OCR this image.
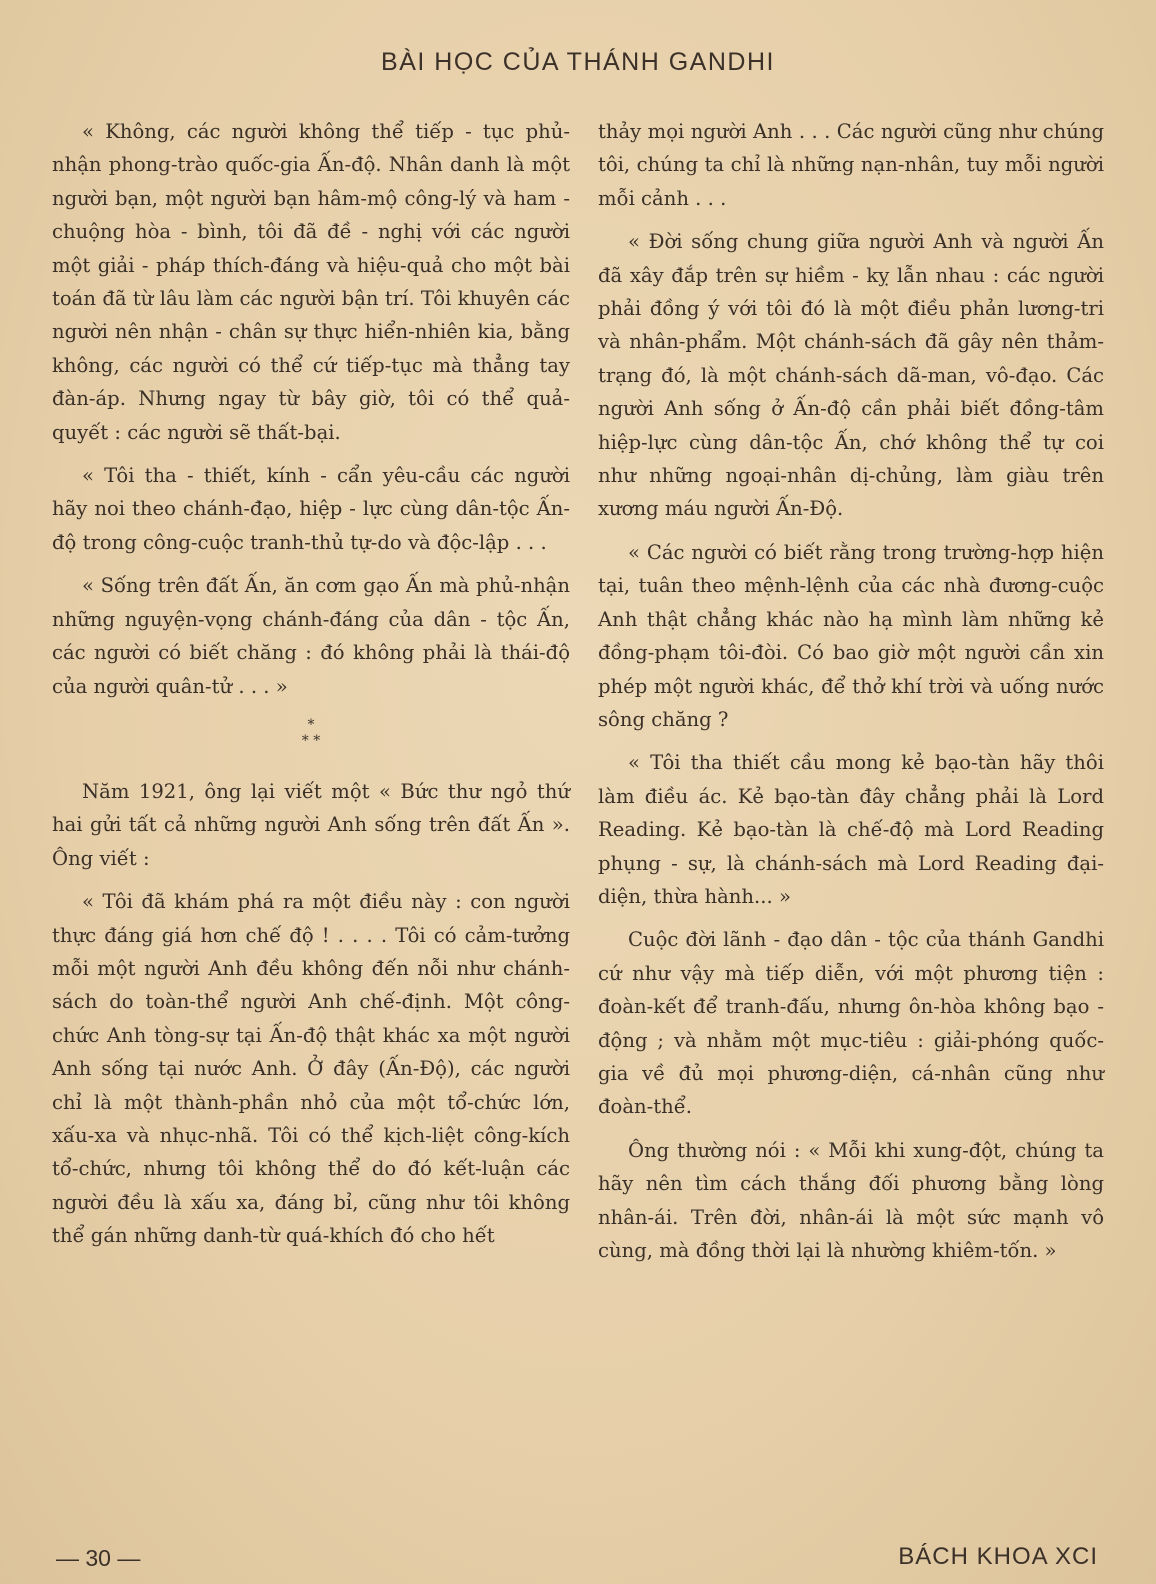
BÀI HỌC CỦA THÁNH GANDHI

« Không, các người không thể tiếp - tục phủ-nhận phong-trào quốc-gia Ấn-độ. Nhân danh là một người bạn, một người bạn hâm-mộ công-lý và ham - chuộng hòa - bình, tôi đã đề - nghị với các người một giải - pháp thích-đáng và hiệu-quả cho một bài toán đã từ lâu làm các người bận trí. Tôi khuyên các người nên nhận - chân sự thực hiển-nhiên kia, bằng không, các người có thể cứ tiếp-tục mà thẳng tay đàn-áp. Nhưng ngay từ bây giờ, tôi có thể quả-quyết : các người sẽ thất-bại.

« Tôi tha - thiết, kính - cẩn yêu-cầu các người hãy noi theo chánh-đạo, hiệp - lực cùng dân-tộc Ấn-độ trong công-cuộc tranh-thủ tự-do và độc-lập . . .

« Sống trên đất Ấn, ăn cơm gạo Ấn mà phủ-nhận những nguyện-vọng chánh-đáng của dân - tộc Ấn, các người có biết chăng : đó không phải là thái-độ của người quân-tử . . . »

*
* *

Năm 1921, ông lại viết một « Bức thư ngỏ thứ hai gửi tất cả những người Anh sống trên đất Ấn ». Ông viết :

« Tôi đã khám phá ra một điều này : con người thực đáng giá hơn chế độ ! . . . . Tôi có cảm-tưởng mỗi một người Anh đều không đến nỗi như chánh-sách do toàn-thể người Anh chế-định. Một công-chức Anh tòng-sự tại Ấn-độ thật khác xa một người Anh sống tại nước Anh. Ở đây (Ấn-Độ), các người chỉ là một thành-phần nhỏ của một tổ-chức lớn, xấu-xa và nhục-nhã. Tôi có thể kịch-liệt công-kích tổ-chức, nhưng tôi không thể do đó kết-luận các người đều là xấu xa, đáng bỉ, cũng như tôi không thể gán những danh-từ quá-khích đó cho hết

thảy mọi người Anh . . . Các người cũng như chúng tôi, chúng ta chỉ là những nạn-nhân, tuy mỗi người mỗi cảnh . . .

« Đời sống chung giữa người Anh và người Ấn đã xây đắp trên sự hiềm - kỵ lẫn nhau : các người phải đồng ý với tôi đó là một điều phản lương-tri và nhân-phẩm. Một chánh-sách đã gây nên thảm-trạng đó, là một chánh-sách dã-man, vô-đạo. Các người Anh sống ở Ấn-độ cần phải biết đồng-tâm hiệp-lực cùng dân-tộc Ấn, chớ không thể tự coi như những ngoại-nhân dị-chủng, làm giàu trên xương máu người Ấn-Độ.

« Các người có biết rằng trong trường-hợp hiện tại, tuân theo mệnh-lệnh của các nhà đương-cuộc Anh thật chẳng khác nào hạ mình làm những kẻ đồng-phạm tôi-đòi. Có bao giờ một người cần xin phép một người khác, để thở khí trời và uống nước sông chăng ?

« Tôi tha thiết cầu mong kẻ bạo-tàn hãy thôi làm điều ác. Kẻ bạo-tàn đây chẳng phải là Lord Reading. Kẻ bạo-tàn là chế-độ mà Lord Reading phụng - sự, là chánh-sách mà Lord Reading đại-diện, thừa hành... »

Cuộc đời lãnh - đạo dân - tộc của thánh Gandhi cứ như vậy mà tiếp diễn, với một phương tiện : đoàn-kết để tranh-đấu, nhưng ôn-hòa không bạo - động ; và nhằm một mục-tiêu : giải-phóng quốc-gia về đủ mọi phương-diện, cá-nhân cũng như đoàn-thể.

Ông thường nói : « Mỗi khi xung-đột, chúng ta hãy nên tìm cách thắng đối phương bằng lòng nhân-ái. Trên đời, nhân-ái là một sức mạnh vô cùng, mà đồng thời lại là nhường khiêm-tốn. »

— 30 —	BÁCH KHOA XCI
